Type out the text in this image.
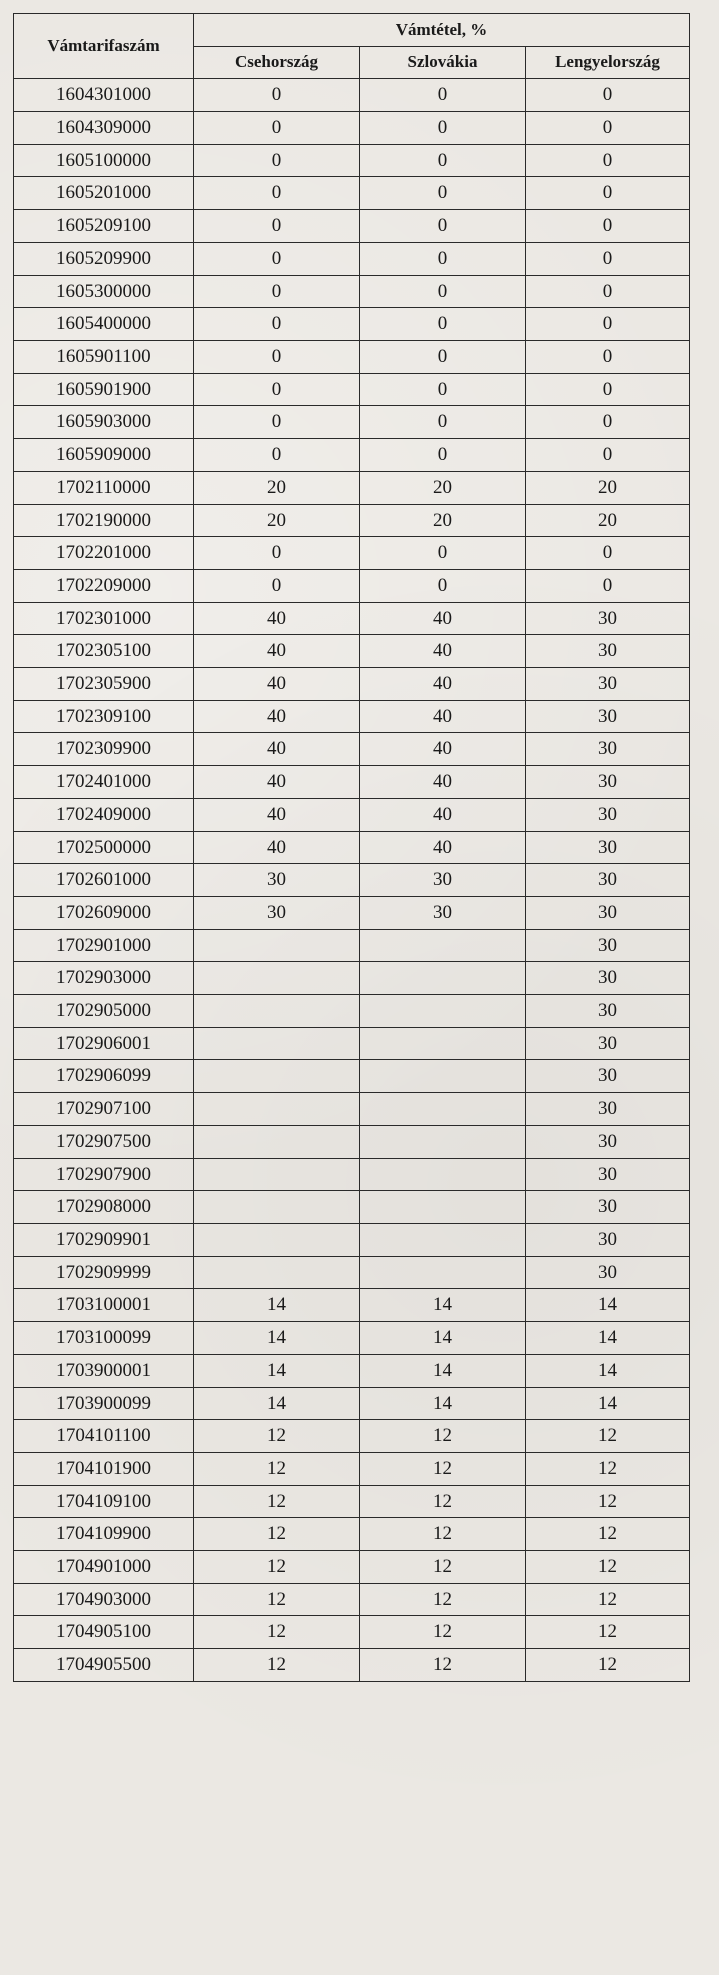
Vámtarifaszám	Vámtétel, %		
	Csehország	Szlovákia	Lengyelország
1604301000	0	0	0
1604309000	0	0	0
1605100000	0	0	0
1605201000	0	0	0
1605209100	0	0	0
1605209900	0	0	0
1605300000	0	0	0
1605400000	0	0	0
1605901100	0	0	0
1605901900	0	0	0
1605903000	0	0	0
1605909000	0	0	0
1702110000	20	20	20
1702190000	20	20	20
1702201000	0	0	0
1702209000	0	0	0
1702301000	40	40	30
1702305100	40	40	30
1702305900	40	40	30
1702309100	40	40	30
1702309900	40	40	30
1702401000	40	40	30
1702409000	40	40	30
1702500000	40	40	30
1702601000	30	30	30
1702609000	30	30	30
1702901000			30
1702903000			30
1702905000			30
1702906001			30
1702906099			30
1702907100			30
1702907500			30
1702907900			30
1702908000			30
1702909901			30
1702909999			30
1703100001	14	14	14
1703100099	14	14	14
1703900001	14	14	14
1703900099	14	14	14
1704101100	12	12	12
1704101900	12	12	12
1704109100	12	12	12
1704109900	12	12	12
1704901000	12	12	12
1704903000	12	12	12
1704905100	12	12	12
1704905500	12	12	12
